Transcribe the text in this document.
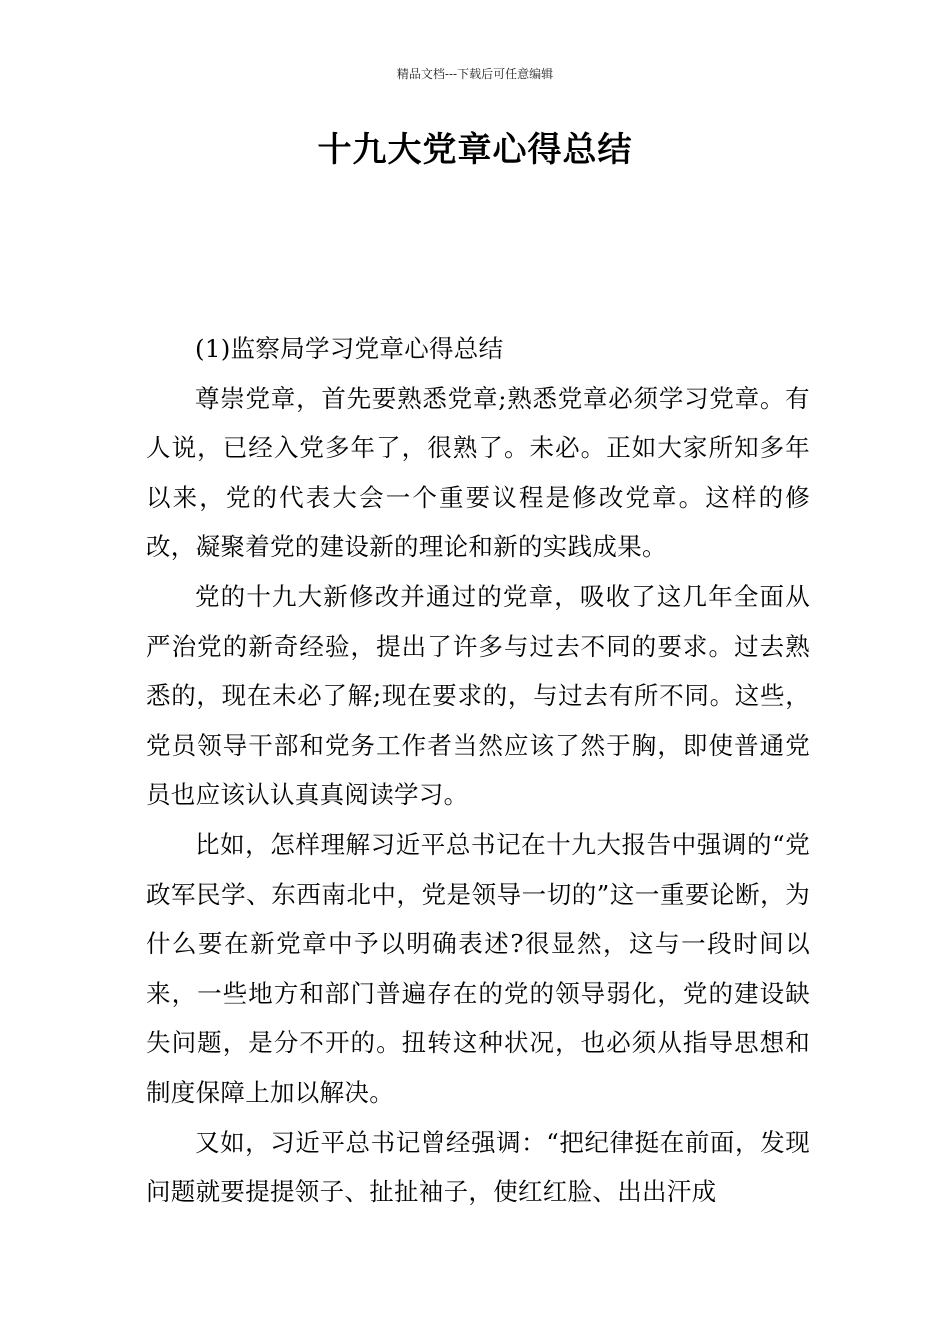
精品文档---下载后可任意编辑
十九大党章心得总结

(1)监察局学习党章心得总结

尊崇党章，首先要熟悉党章;熟悉党章必须学习党章。有人说，已经入党多年了，很熟了。未必。正如大家所知多年以来，党的代表大会一个重要议程是修改党章。这样的修改，凝聚着党的建设新的理论和新的实践成果。

党的十九大新修改并通过的党章，吸收了这几年全面从严治党的新奇经验，提出了许多与过去不同的要求。过去熟悉的，现在未必了解;现在要求的，与过去有所不同。这些，党员领导干部和党务工作者当然应该了然于胸，即使普通党员也应该认认真真阅读学习。

比如，怎样理解习近平总书记在十九大报告中强调的“党政军民学、东西南北中，党是领导一切的”这一重要论断，为什么要在新党章中予以明确表述?很显然，这与一段时间以来，一些地方和部门普遍存在的党的领导弱化，党的建设缺失问题，是分不开的。扭转这种状况，也必须从指导思想和制度保障上加以解决。

又如，习近平总书记曾经强调：“把纪律挺在前面，发现问题就要提提领子、扯扯袖子，使红红脸、出出汗成
